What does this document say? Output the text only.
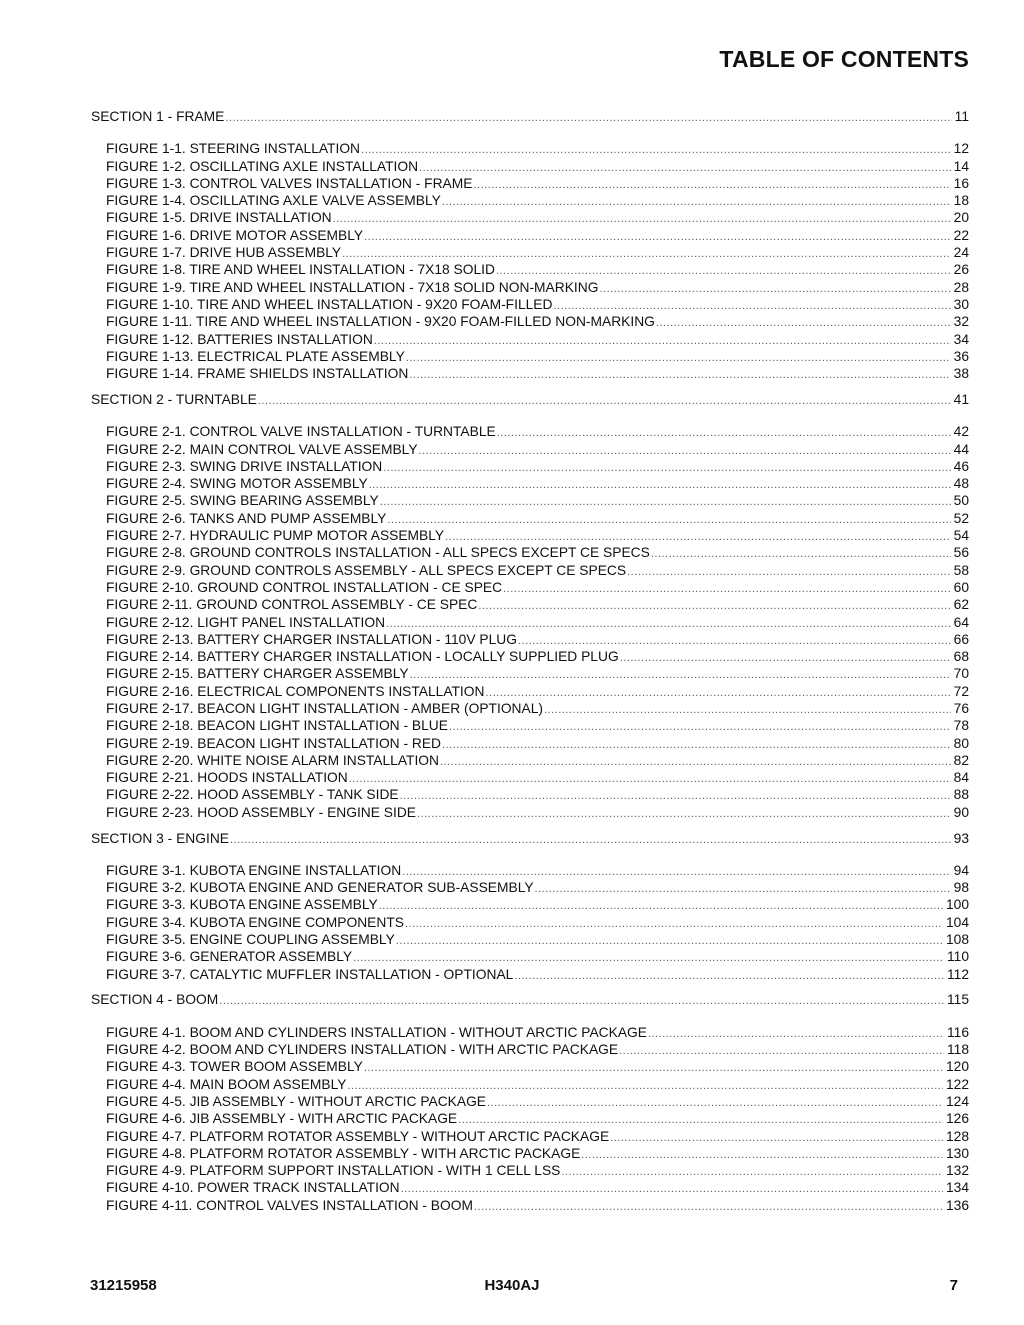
TABLE OF CONTENTS
SECTION 1 - FRAME .....	11
FIGURE 1-1. STEERING INSTALLATION .....	12
FIGURE 1-2. OSCILLATING AXLE INSTALLATION .....	14
FIGURE 1-3. CONTROL VALVES INSTALLATION - FRAME .....	16
FIGURE 1-4. OSCILLATING AXLE VALVE ASSEMBLY .....	18
FIGURE 1-5. DRIVE INSTALLATION .....	20
FIGURE 1-6. DRIVE MOTOR ASSEMBLY .....	22
FIGURE 1-7. DRIVE HUB ASSEMBLY .....	24
FIGURE 1-8. TIRE AND WHEEL INSTALLATION - 7X18 SOLID .....	26
FIGURE 1-9. TIRE AND WHEEL INSTALLATION - 7X18 SOLID NON-MARKING .....	28
FIGURE 1-10. TIRE AND WHEEL INSTALLATION - 9X20 FOAM-FILLED .....	30
FIGURE 1-11. TIRE AND WHEEL INSTALLATION - 9X20 FOAM-FILLED NON-MARKING .....	32
FIGURE 1-12. BATTERIES INSTALLATION .....	34
FIGURE 1-13. ELECTRICAL PLATE ASSEMBLY .....	36
FIGURE 1-14. FRAME SHIELDS INSTALLATION .....	38
SECTION 2 - TURNTABLE .....	41
FIGURE 2-1. CONTROL VALVE INSTALLATION - TURNTABLE .....	42
FIGURE 2-2. MAIN CONTROL VALVE ASSEMBLY .....	44
FIGURE 2-3. SWING DRIVE INSTALLATION .....	46
FIGURE 2-4. SWING MOTOR ASSEMBLY .....	48
FIGURE 2-5. SWING BEARING ASSEMBLY .....	50
FIGURE 2-6. TANKS AND PUMP ASSEMBLY .....	52
FIGURE 2-7. HYDRAULIC PUMP MOTOR ASSEMBLY .....	54
FIGURE 2-8. GROUND CONTROLS INSTALLATION - ALL SPECS EXCEPT CE SPECS .....	56
FIGURE 2-9. GROUND CONTROLS ASSEMBLY - ALL SPECS EXCEPT CE SPECS .....	58
FIGURE 2-10. GROUND CONTROL INSTALLATION - CE SPEC .....	60
FIGURE 2-11. GROUND CONTROL ASSEMBLY - CE SPEC .....	62
FIGURE 2-12. LIGHT PANEL INSTALLATION .....	64
FIGURE 2-13. BATTERY CHARGER INSTALLATION - 110V PLUG .....	66
FIGURE 2-14. BATTERY CHARGER INSTALLATION - LOCALLY SUPPLIED PLUG .....	68
FIGURE 2-15. BATTERY CHARGER ASSEMBLY .....	70
FIGURE 2-16. ELECTRICAL COMPONENTS INSTALLATION .....	72
FIGURE 2-17. BEACON LIGHT INSTALLATION - AMBER (OPTIONAL) .....	76
FIGURE 2-18. BEACON LIGHT INSTALLATION - BLUE .....	78
FIGURE 2-19. BEACON LIGHT INSTALLATION - RED .....	80
FIGURE 2-20. WHITE NOISE ALARM INSTALLATION .....	82
FIGURE 2-21. HOODS INSTALLATION .....	84
FIGURE 2-22. HOOD ASSEMBLY - TANK SIDE .....	88
FIGURE 2-23. HOOD ASSEMBLY - ENGINE SIDE .....	90
SECTION 3 - ENGINE .....	93
FIGURE 3-1. KUBOTA ENGINE INSTALLATION .....	94
FIGURE 3-2. KUBOTA ENGINE AND GENERATOR SUB-ASSEMBLY .....	98
FIGURE 3-3. KUBOTA ENGINE ASSEMBLY .....	100
FIGURE 3-4. KUBOTA ENGINE COMPONENTS .....	104
FIGURE 3-5. ENGINE COUPLING ASSEMBLY .....	108
FIGURE 3-6. GENERATOR ASSEMBLY .....	110
FIGURE 3-7. CATALYTIC MUFFLER INSTALLATION - OPTIONAL .....	112
SECTION 4 - BOOM .....	115
FIGURE 4-1. BOOM AND CYLINDERS INSTALLATION - WITHOUT ARCTIC PACKAGE .....	116
FIGURE 4-2. BOOM AND CYLINDERS INSTALLATION - WITH ARCTIC PACKAGE .....	118
FIGURE 4-3. TOWER BOOM ASSEMBLY .....	120
FIGURE 4-4. MAIN BOOM ASSEMBLY .....	122
FIGURE 4-5. JIB ASSEMBLY - WITHOUT ARCTIC PACKAGE .....	124
FIGURE 4-6. JIB ASSEMBLY - WITH ARCTIC PACKAGE .....	126
FIGURE 4-7. PLATFORM ROTATOR ASSEMBLY - WITHOUT ARCTIC PACKAGE .....	128
FIGURE 4-8. PLATFORM ROTATOR ASSEMBLY - WITH ARCTIC PACKAGE .....	130
FIGURE 4-9. PLATFORM SUPPORT INSTALLATION - WITH 1 CELL LSS .....	132
FIGURE 4-10. POWER TRACK INSTALLATION .....	134
FIGURE 4-11. CONTROL VALVES INSTALLATION - BOOM .....	136
31215958	H340AJ	7
